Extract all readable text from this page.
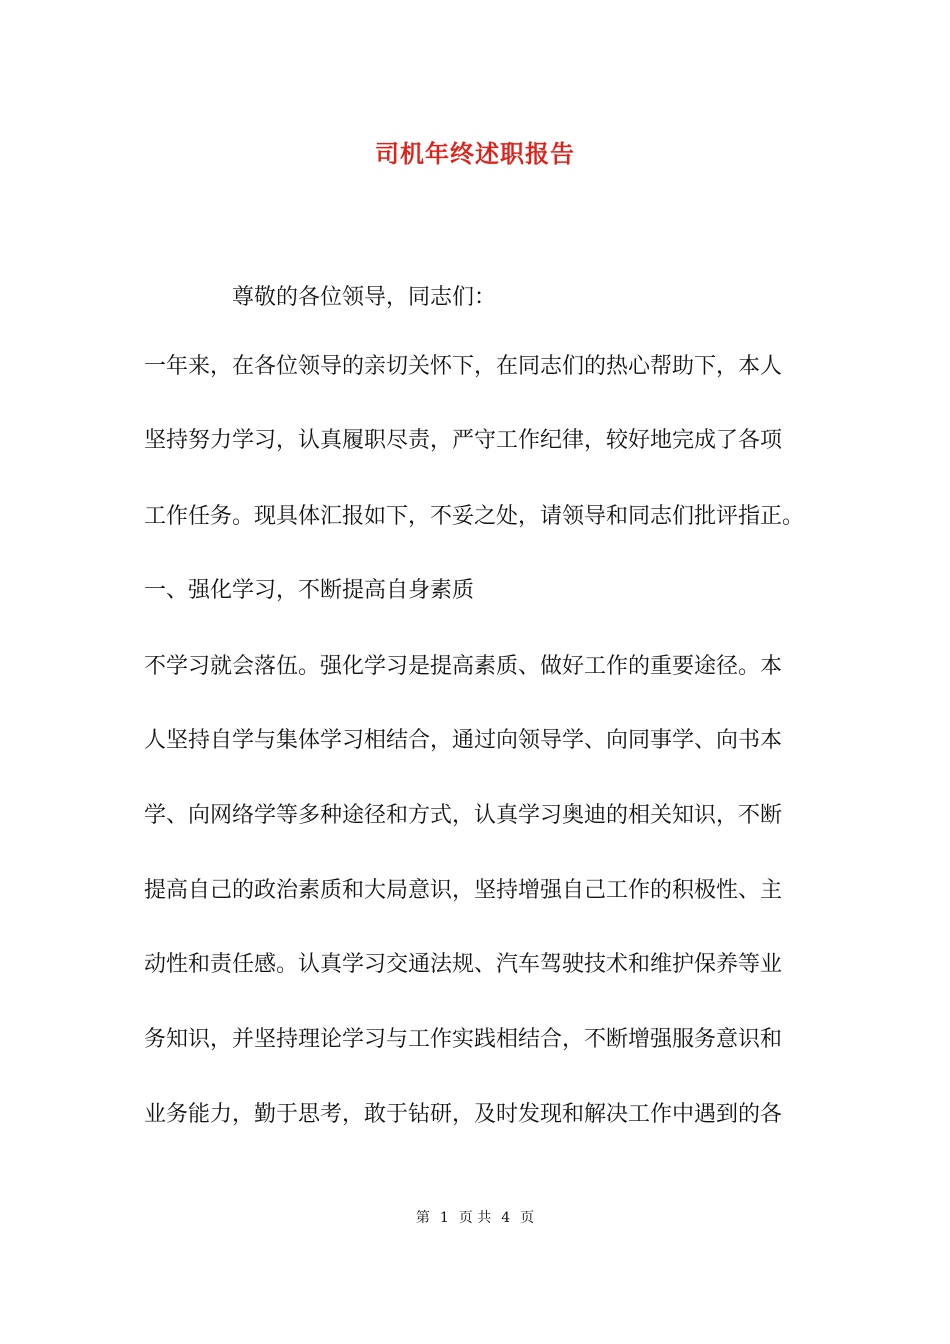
司机年终述职报告
尊敬的各位领导，同志们：
一年来，在各位领导的亲切关怀下，在同志们的热心帮助下，本人
坚持努力学习，认真履职尽责，严守工作纪律，较好地完成了各项
工作任务。现具体汇报如下，不妥之处，请领导和同志们批评指正。
一、强化学习，不断提高自身素质
不学习就会落伍。强化学习是提高素质、做好工作的重要途径。本
人坚持自学与集体学习相结合，通过向领导学、向同事学、向书本
学、向网络学等多种途径和方式，认真学习奥迪的相关知识，不断
提高自己的政治素质和大局意识，坚持增强自己工作的积极性、主
动性和责任感。认真学习交通法规、汽车驾驶技术和维护保养等业
务知识，并坚持理论学习与工作实践相结合，不断增强服务意识和
业务能力，勤于思考，敢于钻研，及时发现和解决工作中遇到的各
第 1 页 共 4 页
